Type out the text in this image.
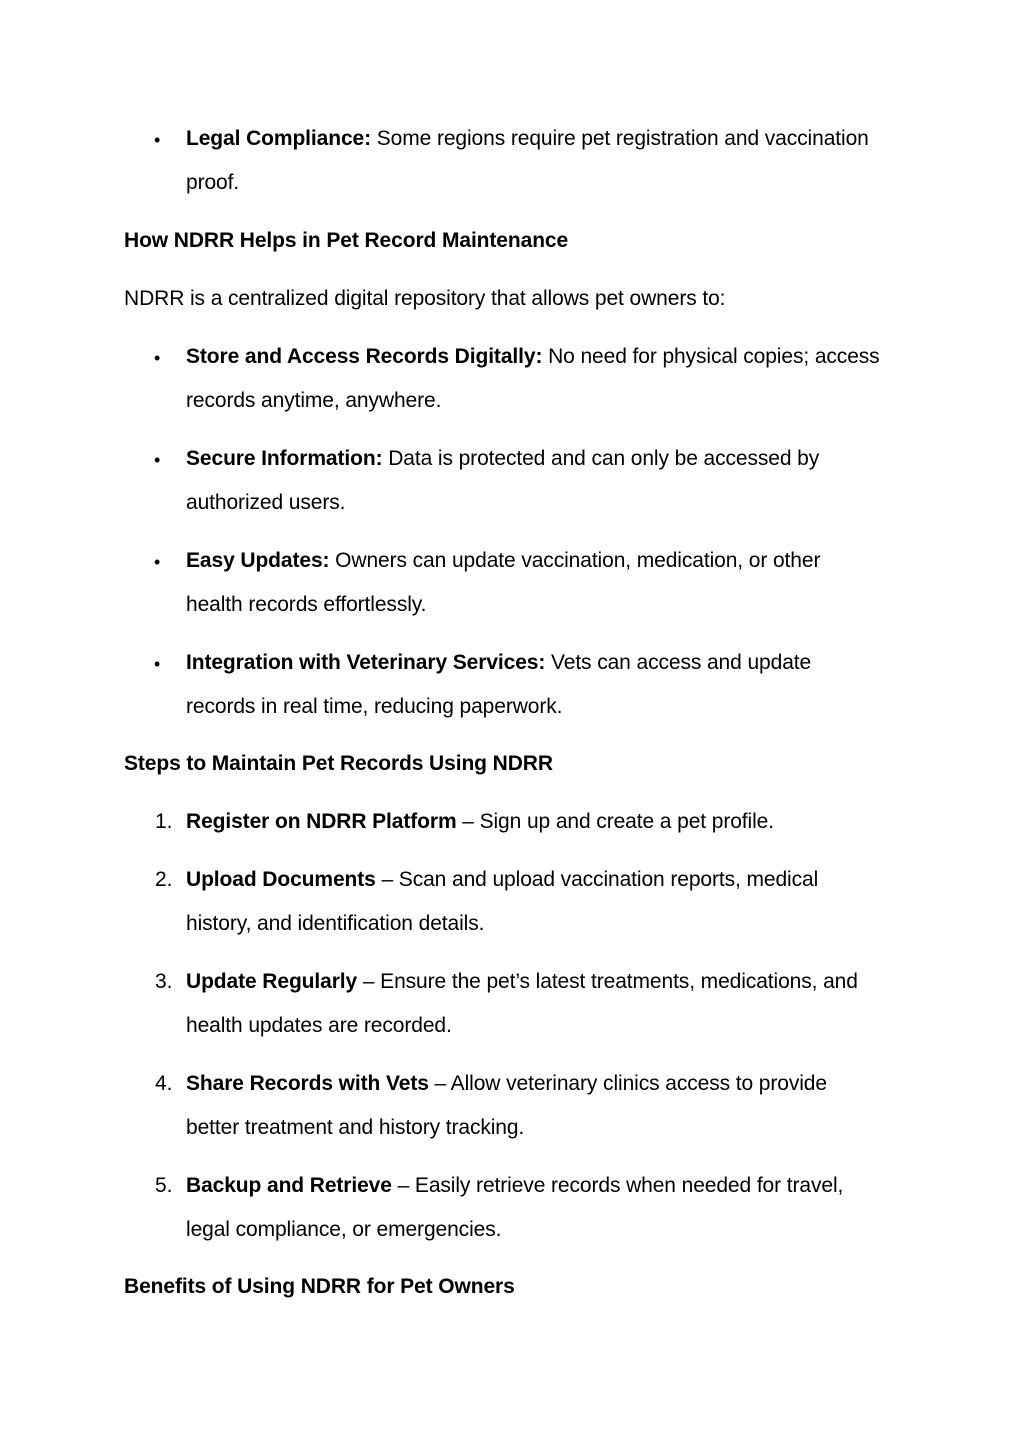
• Legal Compliance: Some regions require pet registration and vaccination
proof.
How NDRR Helps in Pet Record Maintenance
NDRR is a centralized digital repository that allows pet owners to:
• Store and Access Records Digitally: No need for physical copies; access
records anytime, anywhere.
• Secure Information: Data is protected and can only be accessed by
authorized users.
• Easy Updates: Owners can update vaccination, medication, or other
health records effortlessly.
• Integration with Veterinary Services: Vets can access and update
records in real time, reducing paperwork.
Steps to Maintain Pet Records Using NDRR
1. Register on NDRR Platform – Sign up and create a pet profile.
2. Upload Documents – Scan and upload vaccination reports, medical
history, and identification details.
3. Update Regularly – Ensure the pet’s latest treatments, medications, and
health updates are recorded.
4. Share Records with Vets – Allow veterinary clinics access to provide
better treatment and history tracking.
5. Backup and Retrieve – Easily retrieve records when needed for travel,
legal compliance, or emergencies.
Benefits of Using NDRR for Pet Owners
